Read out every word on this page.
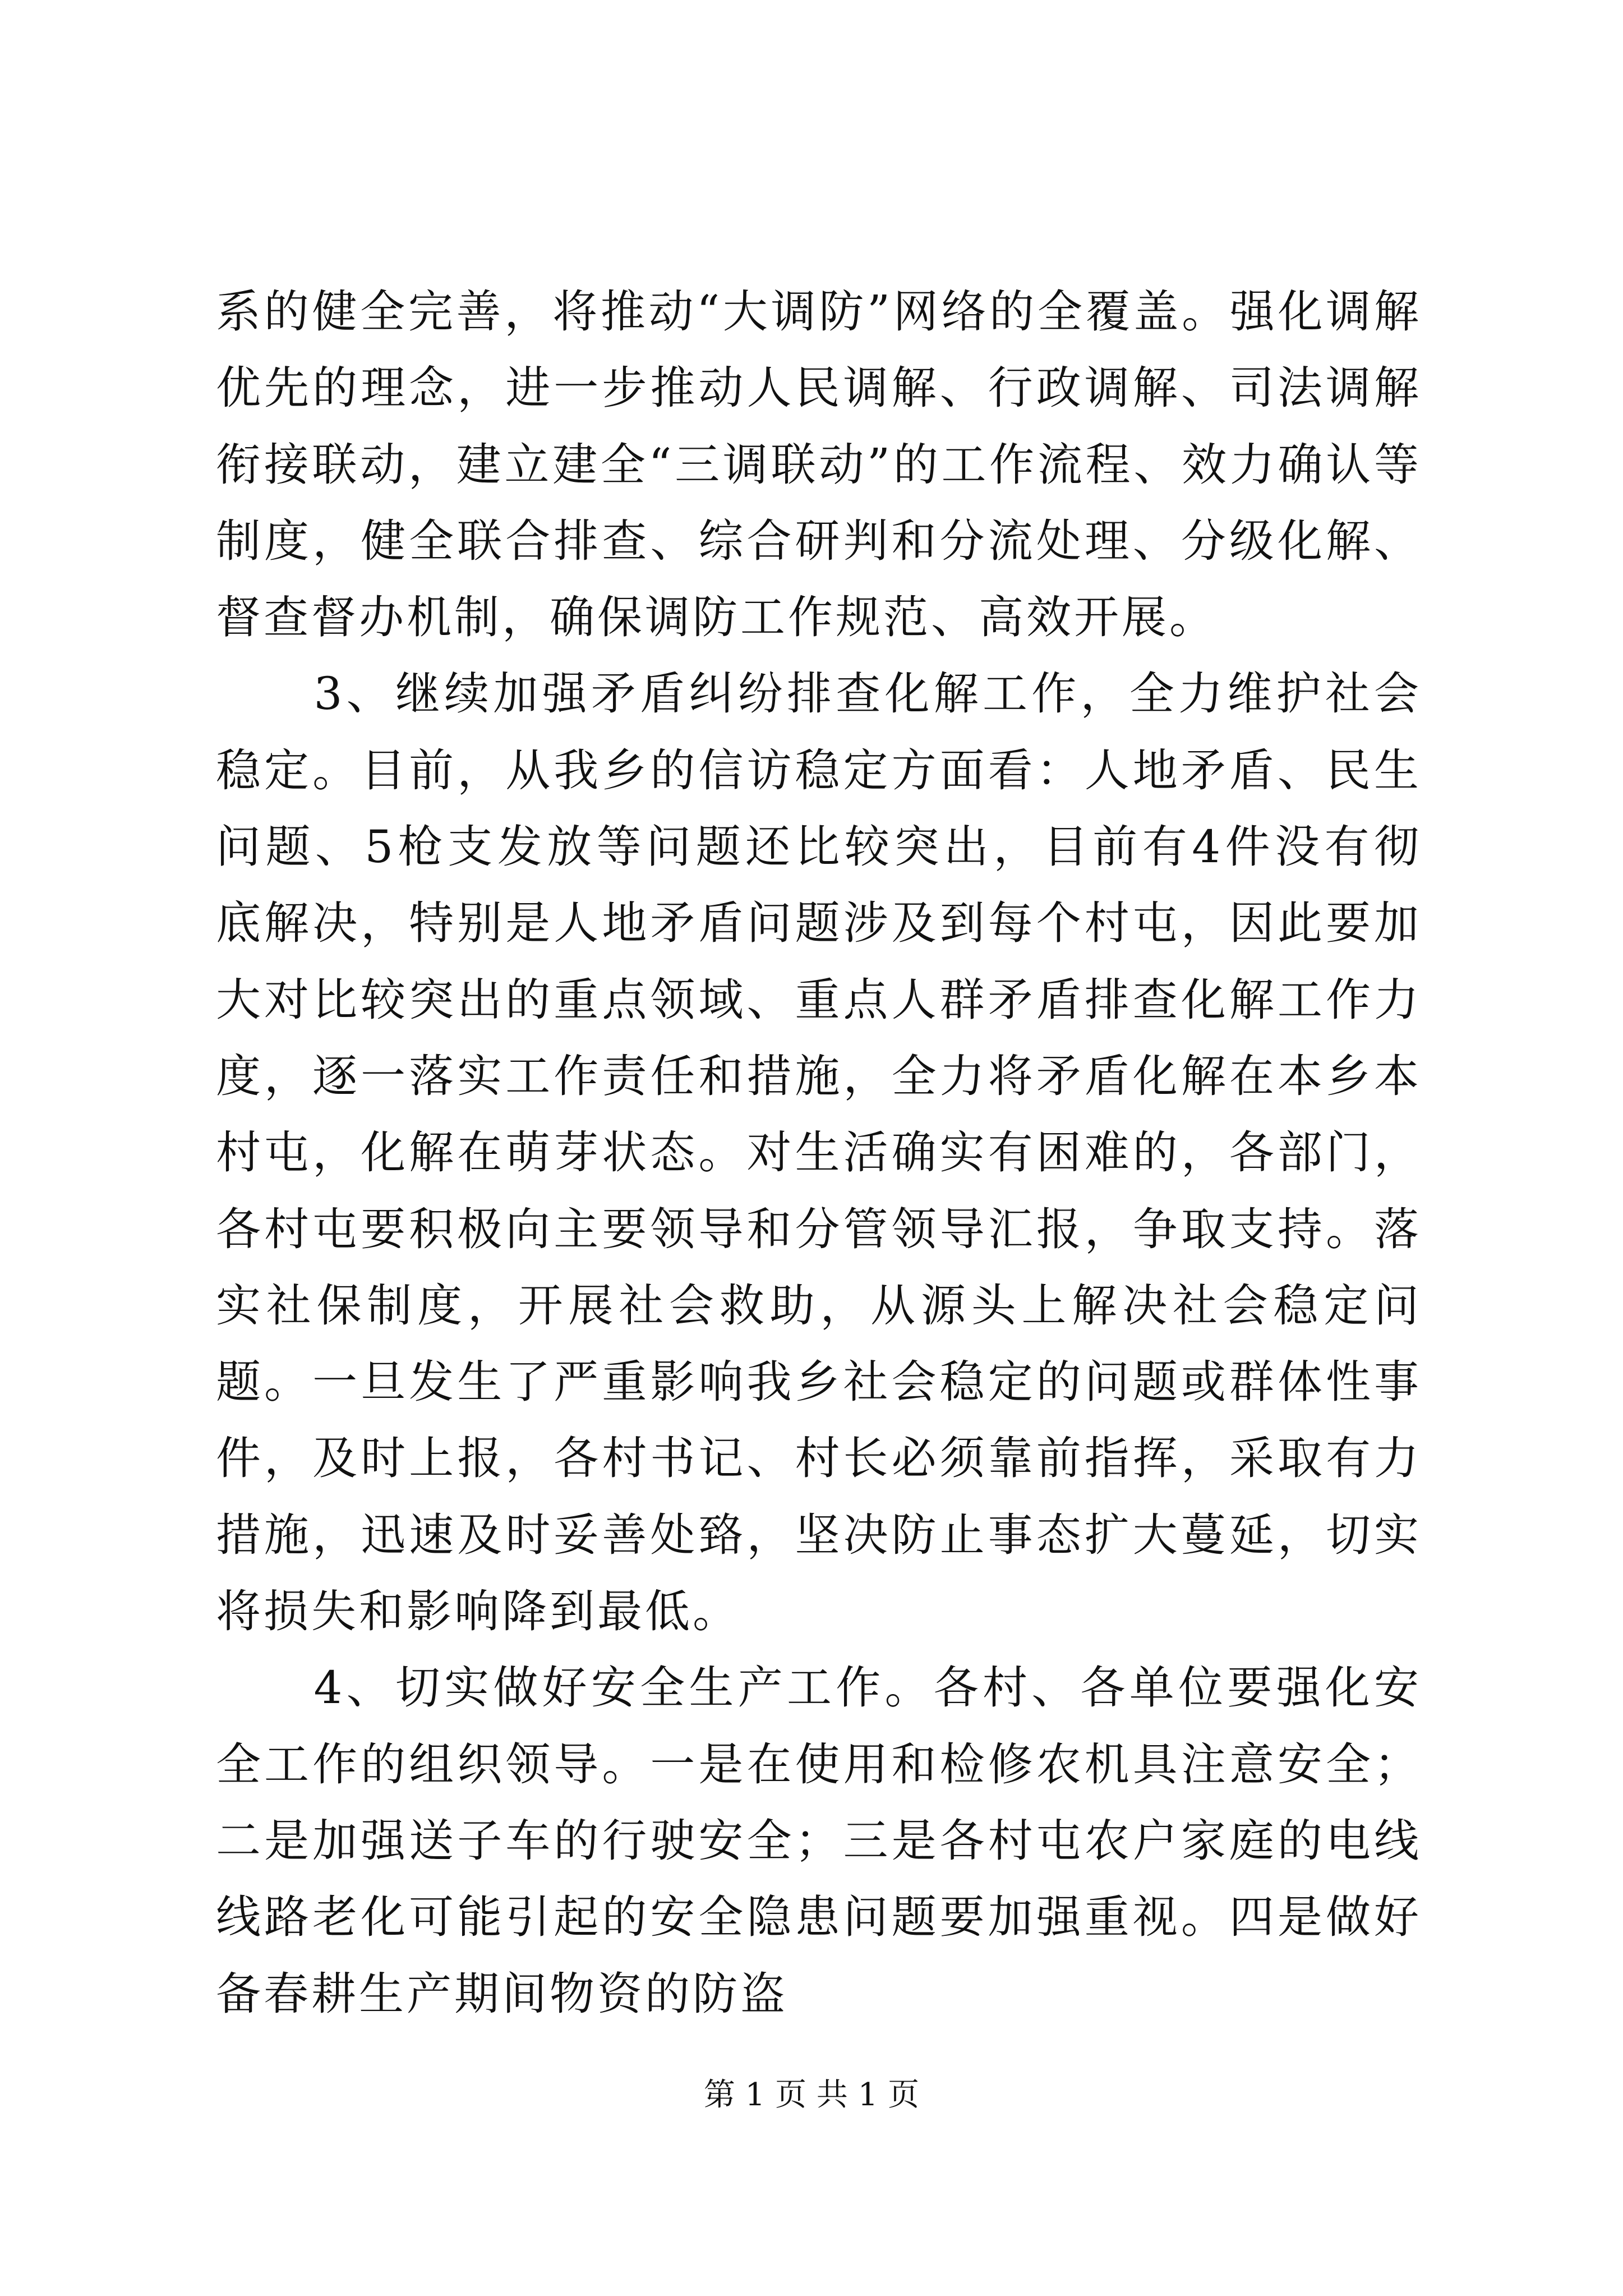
系的健全完善，将推动“大调防”网络的全覆盖。强化调解优先的理念，进一步推动人民调解、行政调解、司法调解衔接联动，建立建全“三调联动”的工作流程、效力确认等制度，健全联合排查、综合研判和分流处理、分级化解、督查督办机制，确保调防工作规范、高效开展。

　　3、继续加强矛盾纠纷排查化解工作，全力维护社会稳定。目前，从我乡的信访稳定方面看：人地矛盾、民生问题、5枪支发放等问题还比较突出，目前有4件没有彻底解决，特别是人地矛盾问题涉及到每个村屯，因此要加大对比较突出的重点领域、重点人群矛盾排查化解工作力度，逐一落实工作责任和措施，全力将矛盾化解在本乡本村屯，化解在萌芽状态。对生活确实有困难的，各部门，各村屯要积极向主要领导和分管领导汇报，争取支持。落实社保制度，开展社会救助，从源头上解决社会稳定问题。一旦发生了严重影响我乡社会稳定的问题或群体性事件，及时上报，各村书记、村长必须靠前指挥，采取有力措施，迅速及时妥善处臵，坚决防止事态扩大蔓延，切实将损失和影响降到最低。

　　4、切实做好安全生产工作。各村、各单位要强化安全工作的组织领导。一是在使用和检修农机具注意安全；二是加强送子车的行驶安全；三是各村屯农户家庭的电线线路老化可能引起的安全隐患问题要加强重视。四是做好备春耕生产期间物资的防盗

第 1 页 共 1 页
